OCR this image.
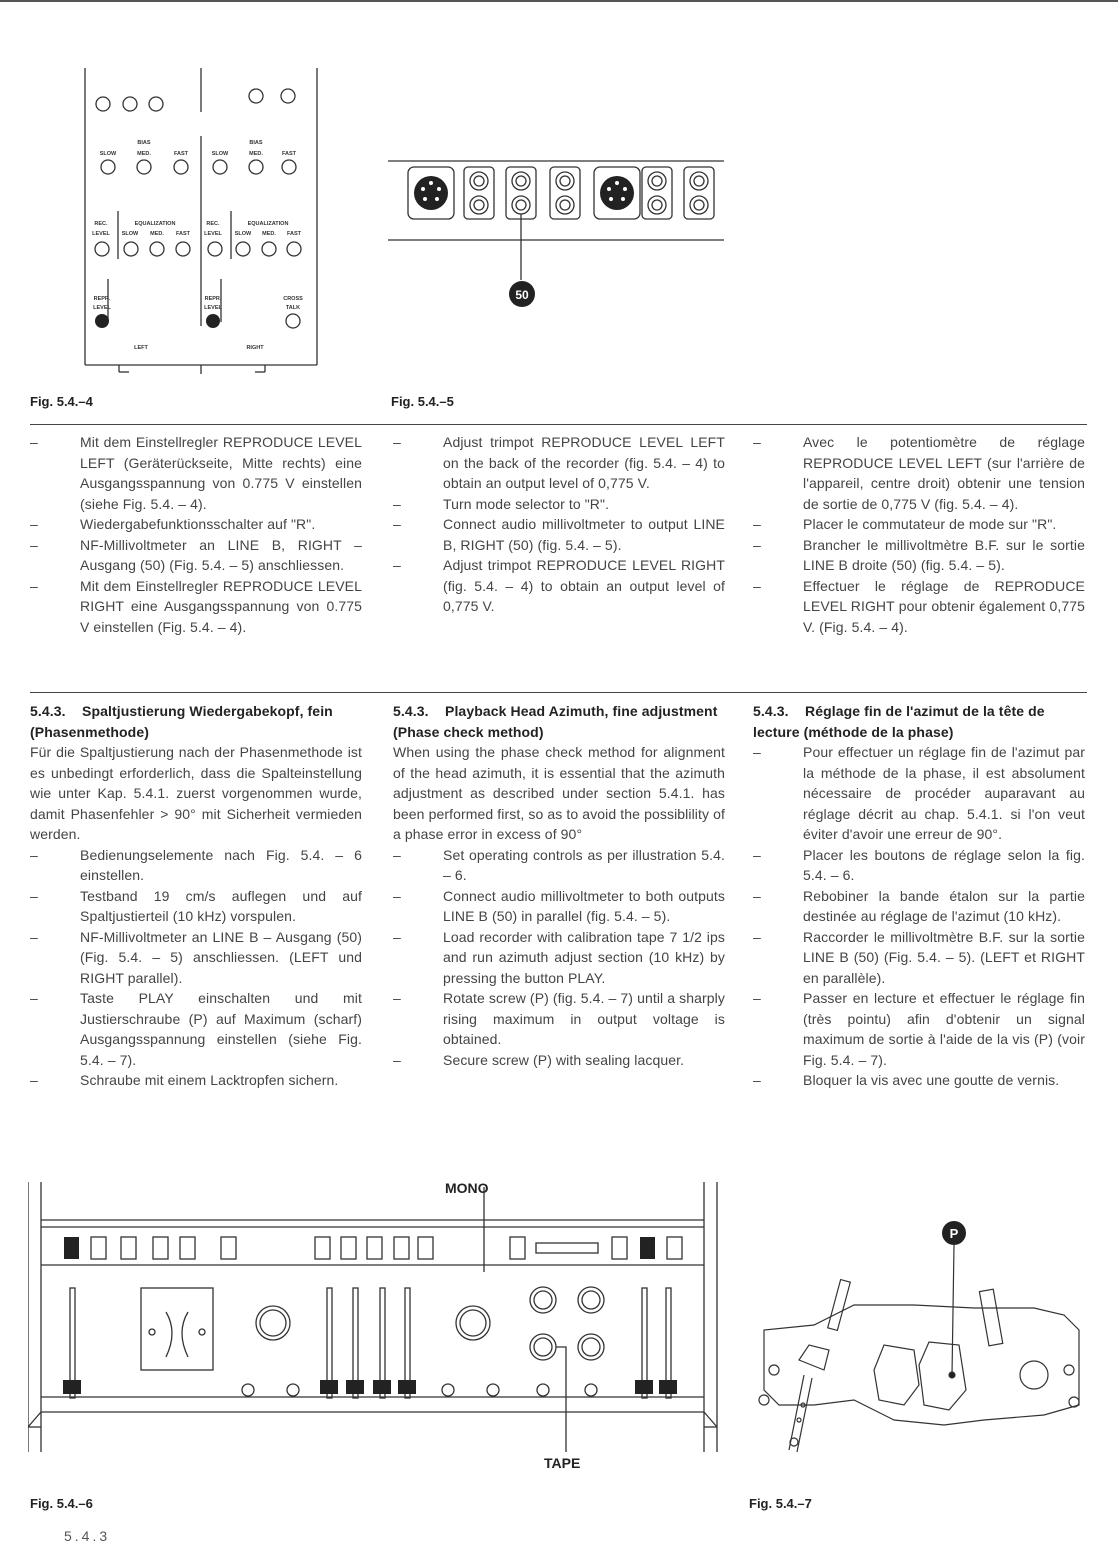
BIAS
SLOW	MED.	FAST
BIAS
SLOW	MED.	FAST
REC.
LEVEL
EQUALIZATION
SLOW MED. FAST
REC.
LEVEL
EQUALIZATION
SLOW MED. FAST
REPR.
LEVEL
REPR.
LEVEL
CROSS
TALK
LEFT	RIGHT
Fig. 5.4.–4
50
Fig. 5.4.–5
–	Mit dem Einstellregler REPRODUCE LEVEL LEFT (Geräterückseite, Mitte rechts) eine Ausgangsspannung von 0.775 V einstellen (siehe Fig. 5.4. – 4).
–	Wiedergabefunktionsschalter auf "R".
–	NF-Millivoltmeter an LINE B, RIGHT – Ausgang (50) (Fig. 5.4. – 5) anschliessen.
–	Mit dem Einstellregler REPRODUCE LEVEL RIGHT eine Ausgangsspannung von 0.775 V einstellen (Fig. 5.4. – 4).
–	Adjust trimpot REPRODUCE LEVEL LEFT on the back of the recorder (fig. 5.4. – 4) to obtain an output level of 0,775 V.
–	Turn mode selector to "R".
–	Connect audio millivoltmeter to output LINE B, RIGHT (50) (fig. 5.4. – 5).
–	Adjust trimpot REPRODUCE LEVEL RIGHT (fig. 5.4. – 4) to obtain an output level of 0,775 V.
–	Avec le potentiomètre de réglage REPRODUCE LEVEL LEFT (sur l'arrière de l'appareil, centre droit) obtenir une tension de sortie de 0,775 V (fig. 5.4. – 4).
–	Placer le commutateur de mode sur "R".
–	Brancher le millivoltmètre B.F. sur le sortie LINE B droite (50) (fig. 5.4. – 5).
–	Effectuer le réglage de REPRODUCE LEVEL RIGHT pour obtenir également 0,775 V. (Fig. 5.4. – 4).
5.4.3. Spaltjustierung Wiedergabekopf, fein (Phasenmethode)

Für die Spaltjustierung nach der Phasenmethode ist es unbedingt erforderlich, dass die Spalteinstellung wie unter Kap. 5.4.1. zuerst vorgenommen wurde, damit Phasenfehler > 90° mit Sicherheit vermieden werden.

–	Bedienungselemente nach Fig. 5.4. – 6 einstellen.
–	Testband 19 cm/s auflegen und auf Spaltjustierteil (10 kHz) vorspulen.
–	NF-Millivoltmeter an LINE B – Ausgang (50) (Fig. 5.4. – 5) anschliessen. (LEFT und RIGHT parallel).
–	Taste PLAY einschalten und mit Justierschraube (P) auf Maximum (scharf) Ausgangsspannung einstellen (siehe Fig. 5.4. – 7).
–	Schraube mit einem Lacktropfen sichern.
5.4.3. Playback Head Azimuth, fine adjustment (Phase check method)

When using the phase check method for alignment of the head azimuth, it is essential that the azimuth adjustment as described under section 5.4.1. has been performed first, so as to avoid the possiblility of a phase error in excess of 90°

–	Set operating controls as per illustration 5.4. – 6.
–	Connect audio millivoltmeter to both outputs LINE B (50) in parallel (fig. 5.4. – 5).
–	Load recorder with calibration tape 7 1/2 ips and run azimuth adjust section (10 kHz) by pressing the button PLAY.
–	Rotate screw (P) (fig. 5.4. – 7) until a sharply rising maximum in output voltage is obtained.
–	Secure screw (P) with sealing lacquer.
5.4.3. Réglage fin de l'azimut de la tête de lecture (méthode de la phase)
–	Pour effectuer un réglage fin de l'azimut par la méthode de la phase, il est absolument nécessaire de procéder auparavant au réglage décrit au chap. 5.4.1. si l'on veut éviter d'avoir une erreur de 90°.
–	Placer les boutons de réglage selon la fig. 5.4. – 6.
–	Rebobiner la bande étalon sur la partie destinée au réglage de l'azimut (10 kHz).
–	Raccorder le millivoltmètre B.F. sur la sortie LINE B (50) (Fig. 5.4. – 5). (LEFT et RIGHT en parallèle).
–	Passer en lecture et effectuer le réglage fin (très pointu) afin d'obtenir un signal maximum de sortie à l'aide de la vis (P) (voir Fig. 5.4. – 7).
–	Bloquer la vis avec une goutte de vernis.
MONO
TAPE
Fig. 5.4.–6
P
Fig. 5.4.–7
5.4.3
